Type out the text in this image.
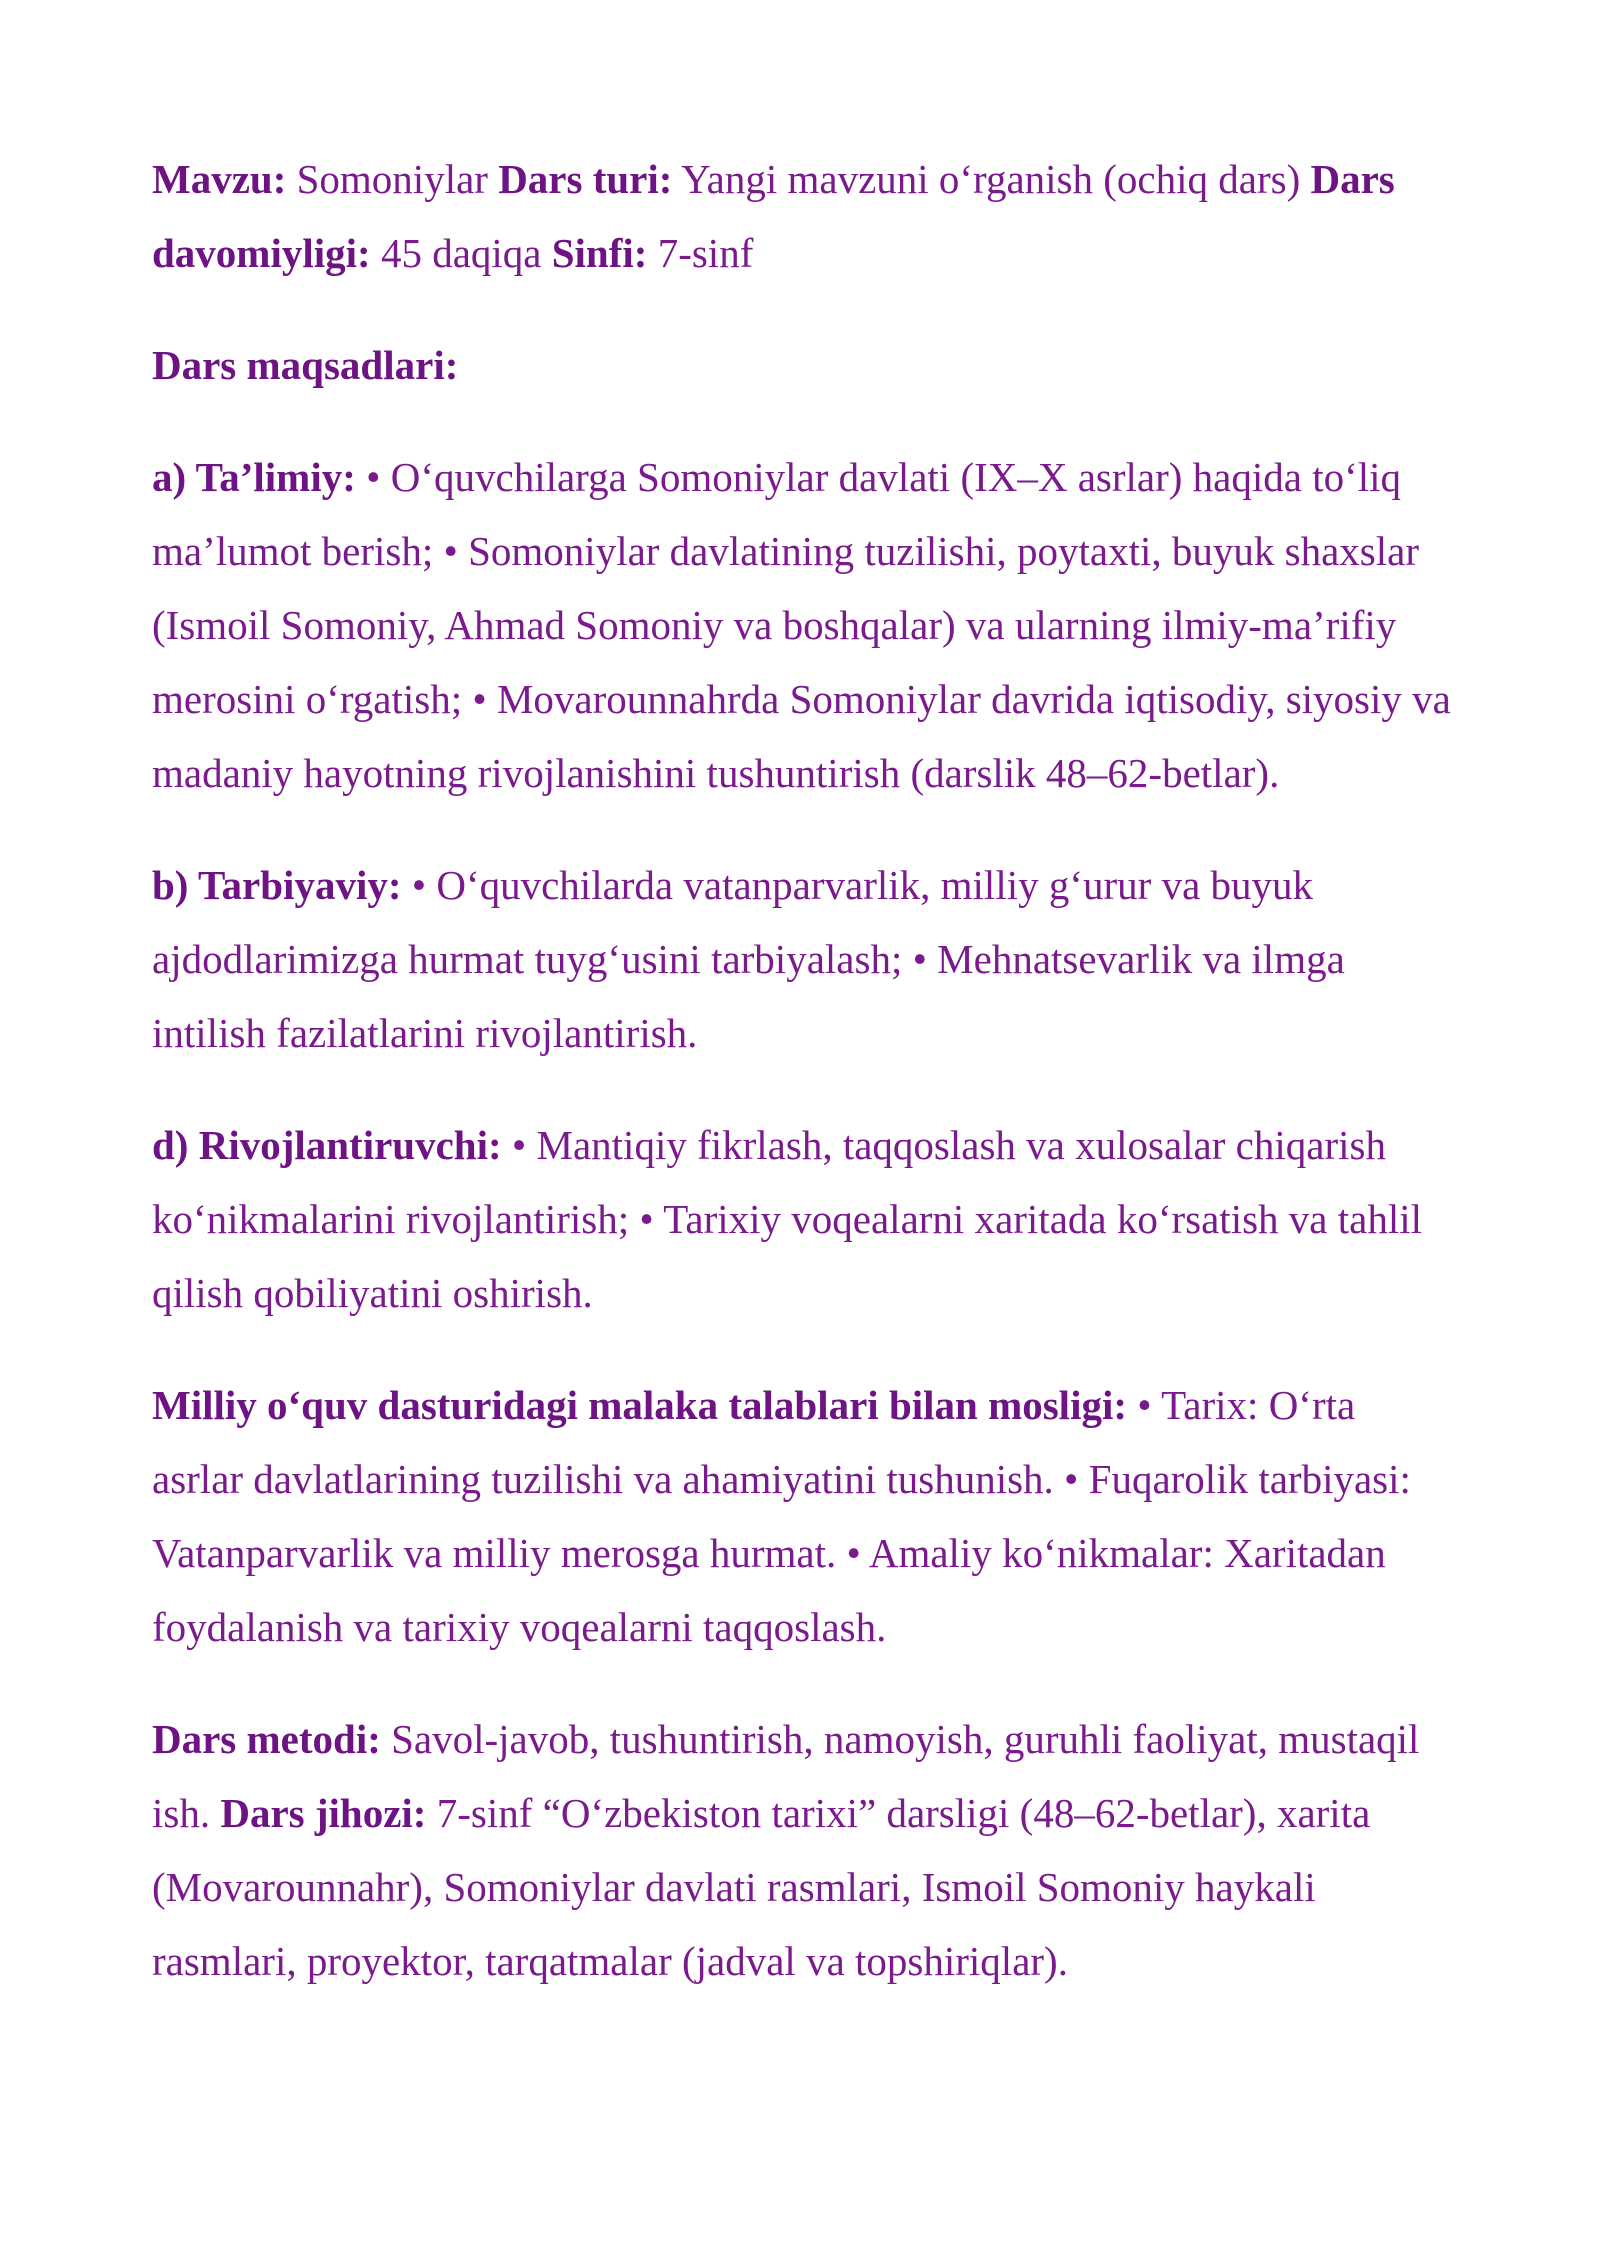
Mavzu: Somoniylar Dars turi: Yangi mavzuni o‘rganish (ochiq dars) Dars davomiyligi: 45 daqiqa Sinfi: 7-sinf

Dars maqsadlari:

a) Ta’limiy: • O‘quvchilarga Somoniylar davlati (IX–X asrlar) haqida to‘liq ma’lumot berish; • Somoniylar davlatining tuzilishi, poytaxti, buyuk shaxslar (Ismoil Somoniy, Ahmad Somoniy va boshqalar) va ularning ilmiy-ma’rifiy merosini o‘rgatish; • Movarounnahrda Somoniylar davrida iqtisodiy, siyosiy va madaniy hayotning rivojlanishini tushuntirish (darslik 48–62-betlar).

b) Tarbiyaviy: • O‘quvchilarda vatanparvarlik, milliy g‘urur va buyuk ajdodlarimizga hurmat tuyg‘usini tarbiyalash; • Mehnatsevarlik va ilmga intilish fazilatlarini rivojlantirish.

d) Rivojlantiruvchi: • Mantiqiy fikrlash, taqqoslash va xulosalar chiqarish ko‘nikmalarini rivojlantirish; • Tarixiy voqealarni xaritada ko‘rsatish va tahlil qilish qobiliyatini oshirish.

Milliy o‘quv dasturidagi malaka talablari bilan mosligi: • Tarix: O‘rta asrlar davlatlarining tuzilishi va ahamiyatini tushunish. • Fuqarolik tarbiyasi: Vatanparvarlik va milliy merosga hurmat. • Amaliy ko‘nikmalar: Xaritadan foydalanish va tarixiy voqealarni taqqoslash.

Dars metodi: Savol-javob, tushuntirish, namoyish, guruhli faoliyat, mustaqil ish. Dars jihozi: 7-sinf “O‘zbekiston tarixi” darsligi (48–62-betlar), xarita (Movarounnahr), Somoniylar davlati rasmlari, Ismoil Somoniy haykali rasmlari, proyektor, tarqatmalar (jadval va topshiriqlar).
